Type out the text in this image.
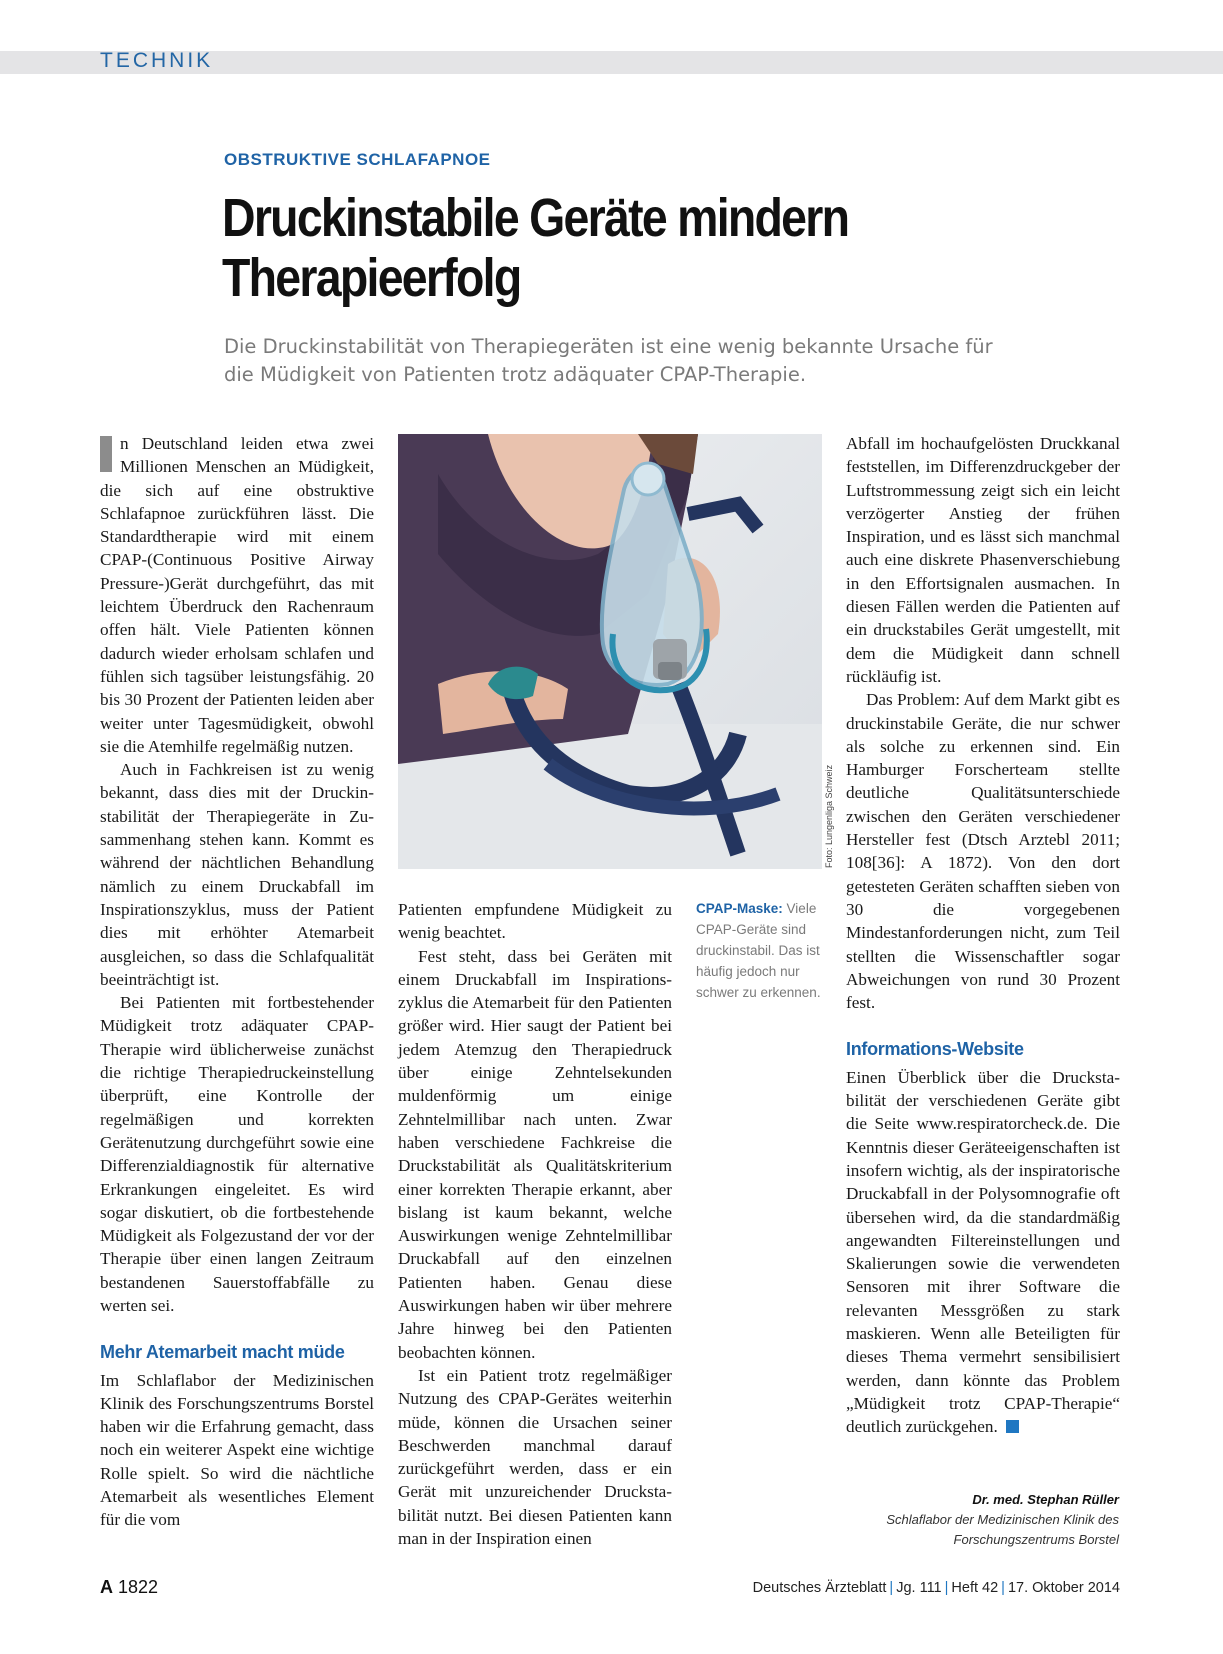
TECHNIK
OBSTRUKTIVE SCHLAFAPNOE
Druckinstabile Geräte mindern Therapieerfolg
Die Druckinstabilität von Therapiegeräten ist eine wenig bekannte Ursache für die Müdigkeit von Patienten trotz adäquater CPAP-Therapie.

n Deutschland leiden etwa zwei Millionen Menschen an Müdigkeit, die sich auf eine obstruktive Schlafapnoe zurückführen lässt. Die Standardtherapie wird mit einem CPAP-(Continuous Positive Airway Pressure-)Gerät durchgeführt, das mit leichtem Überdruck den Rachenraum offen hält. Viele Patienten können dadurch wieder erholsam schlafen und fühlen sich tagsüber leistungsfähig. 20 bis 30 Prozent der Patienten leiden aber weiter unter Tagesmüdigkeit, obwohl sie die Atemhilfe regelmäßig nutzen.

Auch in Fachkreisen ist zu wenig bekannt, dass dies mit der Druckinstabilität der Therapiegeräte in Zusammenhang stehen kann. Kommt es während der nächtlichen Behandlung nämlich zu einem Druckabfall im Inspirationszyklus, muss der Patient dies mit erhöhter Atemarbeit ausgleichen, so dass die Schlafqualität beeinträchtigt ist.

Bei Patienten mit fortbestehender Müdigkeit trotz adäquater CPAP-Therapie wird üblicherweise zunächst die richtige Therapiedruckeinstellung überprüft, eine Kontrolle der regelmäßigen und korrekten Gerätenutzung durchgeführt sowie eine Differenzialdiagnostik für alternative Erkrankungen eingeleitet. Es wird sogar diskutiert, ob die fortbestehende Müdigkeit als Folgezustand der vor der Therapie über einen langen Zeitraum bestandenen Sauerstoffabfälle zu werten sei.

Mehr Atemarbeit macht müde

Im Schlaflabor der Medizinischen Klinik des Forschungszentrums Borstel haben wir die Erfahrung gemacht, dass noch ein weiterer Aspekt eine wichtige Rolle spielt. So wird die nächtliche Atemarbeit als wesentliches Element für die vom

Foto: Lungenliga Schweiz

Patienten empfundene Müdigkeit zu wenig beachtet.

Fest steht, dass bei Geräten mit einem Druckabfall im Inspirationszyklus die Atemarbeit für den Patienten größer wird. Hier saugt der Patient bei jedem Atemzug den Therapiedruck über einige Zehntelsekunden muldenförmig um einige Zehntelmillibar nach unten. Zwar haben verschiedene Fachkreise die Druckstabilität als Qualitätskriterium einer korrekten Therapie erkannt, aber bislang ist kaum bekannt, welche Auswirkungen wenige Zehntelmillibar Druckabfall auf den einzelnen Patienten haben. Genau diese Auswirkungen haben wir über mehrere Jahre hinweg bei den Patienten beobachten können.

Ist ein Patient trotz regelmäßiger Nutzung des CPAP-Gerätes weiterhin müde, können die Ursachen seiner Beschwerden manchmal darauf zurückgeführt werden, dass er ein Gerät mit unzureichender Druckstabilität nutzt. Bei diesen Patienten kann man in der Inspiration einen

CPAP-Maske: Viele CPAP-Geräte sind druckinstabil. Das ist häufig jedoch nur schwer zu erkennen.

Abfall im hochaufgelösten Druckkanal feststellen, im Differenzdruckgeber der Luftstrommessung zeigt sich ein leicht verzögerter Anstieg der frühen Inspiration, und es lässt sich manchmal auch eine diskrete Phasenverschiebung in den Effortsignalen ausmachen. In diesen Fällen werden die Patienten auf ein druckstabiles Gerät umgestellt, mit dem die Müdigkeit dann schnell rückläufig ist.

Das Problem: Auf dem Markt gibt es druckinstabile Geräte, die nur schwer als solche zu erkennen sind. Ein Hamburger Forscherteam stellte deutliche Qualitätsunterschiede zwischen den Geräten verschiedener Hersteller fest (Dtsch Arztebl 2011; 108[36]: A 1872). Von den dort getesteten Geräten schafften sieben von 30 die vorgegebenen Mindestanforderungen nicht, zum Teil stellten die Wissenschaftler sogar Abweichungen von rund 30 Prozent fest.

Informations-Website

Einen Überblick über die Druckstabilität der verschiedenen Geräte gibt die Seite www.respiratorcheck.de. Die Kenntnis dieser Geräteeigenschaften ist insofern wichtig, als der inspiratorische Druckabfall in der Polysomnografie oft übersehen wird, da die standardmäßig angewandten Filtereinstellungen und Skalierungen sowie die verwendeten Sensoren mit ihrer Software die relevanten Messgrößen zu stark maskieren. Wenn alle Beteiligten für dieses Thema vermehrt sensibilisiert werden, dann könnte das Problem „Müdigkeit trotz CPAP-Therapie“ deutlich zurückgehen.

Dr. med. Stephan Rüller
Schlaflabor der Medizinischen Klinik des Forschungszentrums Borstel
A 1822	Deutsches Ärzteblatt | Jg. 111 | Heft 42 | 17. Oktober 2014
